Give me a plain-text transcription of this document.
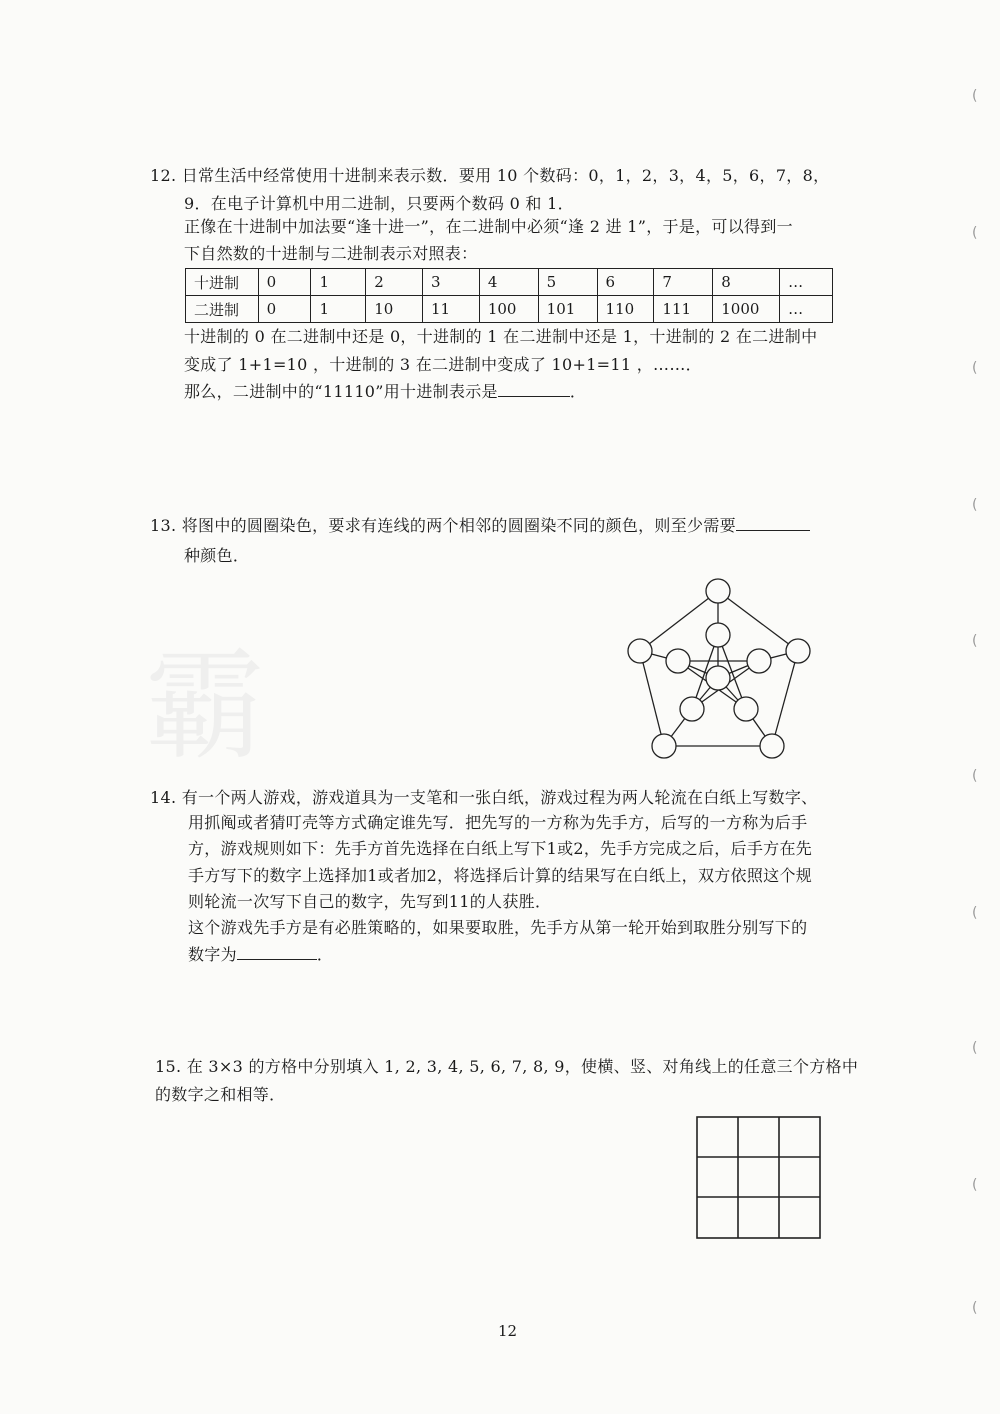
霸
(
(
(
(
(
(
(
(
(
(
12. 日常生活中经常使用十进制来表示数．要用 10 个数码：0，1，2，3，4，5，6，7，8，
9．在电子计算机中用二进制，只要两个数码 0 和 1．
正像在十进制中加法要“逢十进一”，在二进制中必须“逢 2 进 1”，于是，可以得到一
下自然数的十进制与二进制表示对照表：
十进制	0	1	2	3	4	5	6	7	8	…
二进制	0	1	10	11	100	101	110	111	1000	…
十进制的 0 在二进制中还是 0，十进制的 1 在二进制中还是 1，十进制的 2 在二进制中
变成了 1+1=10 ，十进制的 3 在二进制中变成了 10+1=11 ，……．
那么，二进制中的“11110”用十进制表示是	．
13. 将图中的圆圈染色，要求有连线的两个相邻的圆圈染不同的颜色，则至少需要
种颜色．
14. 有一个两人游戏，游戏道具为一支笔和一张白纸，游戏过程为两人轮流在白纸上写数字、
用抓阄或者猜叮壳等方式确定谁先写．把先写的一方称为先手方，后写的一方称为后手
方，游戏规则如下：先手方首先选择在白纸上写下1或2，先手方完成之后，后手方在先
手方写下的数字上选择加1或者加2，将选择后计算的结果写在白纸上，双方依照这个规
则轮流一次写下自己的数字，先写到11的人获胜．
这个游戏先手方是有必胜策略的，如果要取胜，先手方从第一轮开始到取胜分别写下的
数字为	．
15. 在 3×3 的方格中分别填入 1, 2, 3, 4, 5, 6, 7, 8, 9，使横、竖、对角线上的任意三个方格中
的数字之和相等．
12
